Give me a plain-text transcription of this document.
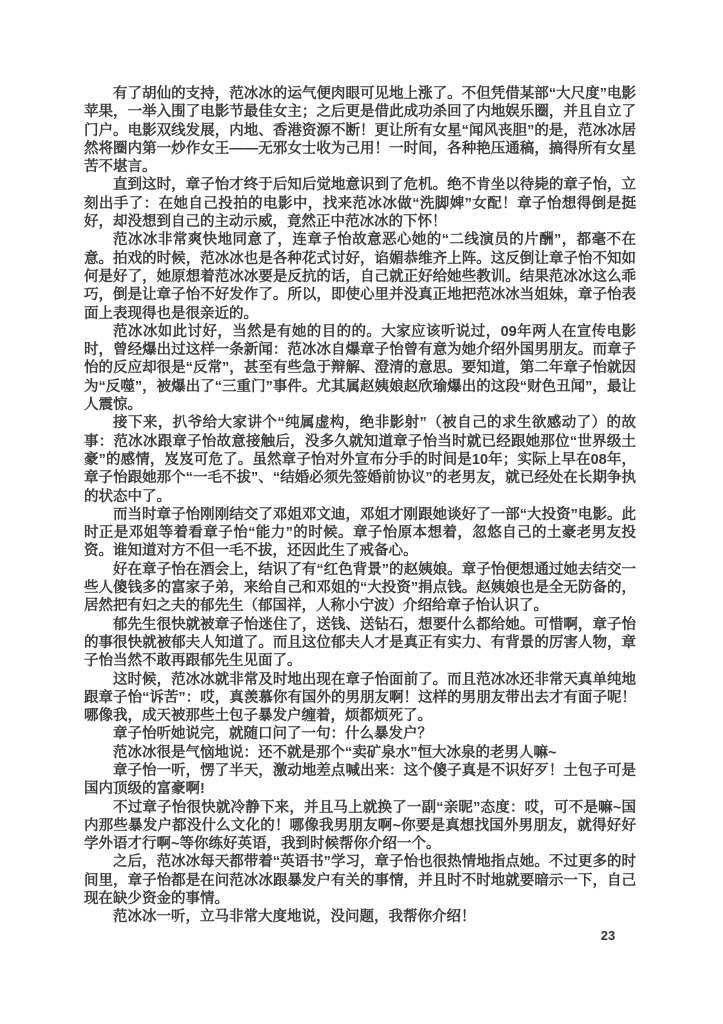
有了胡仙的支持，范冰冰的运气便肉眼可见地上涨了。不但凭借某部“大尺度”电影苹果，一举入围了电影节最佳女主；之后更是借此成功杀回了内地娱乐圈，并且自立了门户。电影双线发展，内地、香港资源不断！更让所有女星“闻风丧胆”的是，范冰冰居然将圈内第一炒作女王——无邪女士收为己用！一时间，各种艳压通稿，搞得所有女星苦不堪言。

直到这时，章子怡才终于后知后觉地意识到了危机。绝不肯坐以待毙的章子怡，立刻出手了：在她自己投拍的电影中，找来范冰冰做“洗脚婢”女配！章子怡想得倒是挺好，却没想到自己的主动示威，竟然正中范冰冰的下怀！

范冰冰非常爽快地同意了，连章子怡故意恶心她的“二线演员的片酬”，都毫不在意。拍戏的时候，范冰冰也是各种花式讨好，谄媚恭维齐上阵。这反倒让章子怡不知如何是好了，她原想着范冰冰要是反抗的话，自己就正好给她些教训。结果范冰冰这么乖巧，倒是让章子怡不好发作了。所以，即使心里并没真正地把范冰冰当姐妹，章子怡表面上表现得也是很亲近的。

范冰冰如此讨好，当然是有她的目的的。大家应该听说过，09年两人在宣传电影时，曾经爆出过这样一条新闻：范冰冰自爆章子怡曾有意为她介绍外国男朋友。而章子怡的反应却很是“反常”，甚至有些急于辩解、澄清的意思。要知道，第二年章子怡就因为“反噬”，被爆出了“三重门”事件。尤其属赵姨娘赵欣瑜爆出的这段“财色丑闻”，最让人震惊。

接下来，扒爷给大家讲个“纯属虚构，绝非影射”（被自己的求生欲感动了）的故事：范冰冰跟章子怡故意接触后，没多久就知道章子怡当时就已经跟她那位“世界级土豪”的感情，岌岌可危了。虽然章子怡对外宣布分手的时间是10年；实际上早在08年，章子怡跟她那个“一毛不拔”、“结婚必须先签婚前协议”的老男友，就已经处在长期争执的状态中了。

而当时章子怡刚刚结交了邓姐邓文迪，邓姐才刚跟她谈好了一部“大投资”电影。此时正是邓姐等着看章子怡“能力”的时候。章子怡原本想着，忽悠自己的土豪老男友投资。谁知道对方不但一毛不拔，还因此生了戒备心。

好在章子怡在酒会上，结识了有“红色背景”的赵姨娘。章子怡便想通过她去结交一些人傻钱多的富家子弟，来给自己和邓姐的“大投资”捐点钱。赵姨娘也是全无防备的，居然把有妇之夫的郁先生（郁国祥，人称小宁波）介绍给章子怡认识了。

郁先生很快就被章子怡迷住了，送钱、送钻石，想要什么都给她。可惜啊，章子怡的事很快就被郁夫人知道了。而且这位郁夫人才是真正有实力、有背景的厉害人物，章子怡当然不敢再跟郁先生见面了。

这时候，范冰冰就非常及时地出现在章子怡面前了。而且范冰冰还非常天真单纯地跟章子怡“诉苦”：哎，真羡慕你有国外的男朋友啊！这样的男朋友带出去才有面子呢！哪像我，成天被那些土包子暴发户缠着，烦都烦死了。

章子怡听她说完，就随口问了一句：什么暴发户？

范冰冰很是气恼地说：还不就是那个“卖矿泉水”恒大冰泉的老男人嘛~

章子怡一听，愣了半天，激动地差点喊出来：这个傻子真是不识好歹！土包子可是国内顶级的富豪啊!

不过章子怡很快就冷静下来，并且马上就换了一副“亲昵”态度：哎，可不是嘛~国内那些暴发户都没什么文化的！哪像我男朋友啊~你要是真想找国外男朋友，就得好好学外语才行啊~等你练好英语，我到时候帮你介绍一个。

之后，范冰冰每天都带着“英语书”学习，章子怡也很热情地指点她。不过更多的时间里，章子怡都是在问范冰冰跟暴发户有关的事情，并且时不时地就要暗示一下，自己现在缺少资金的事情。

范冰冰一听，立马非常大度地说，没问题，我帮你介绍！

23
